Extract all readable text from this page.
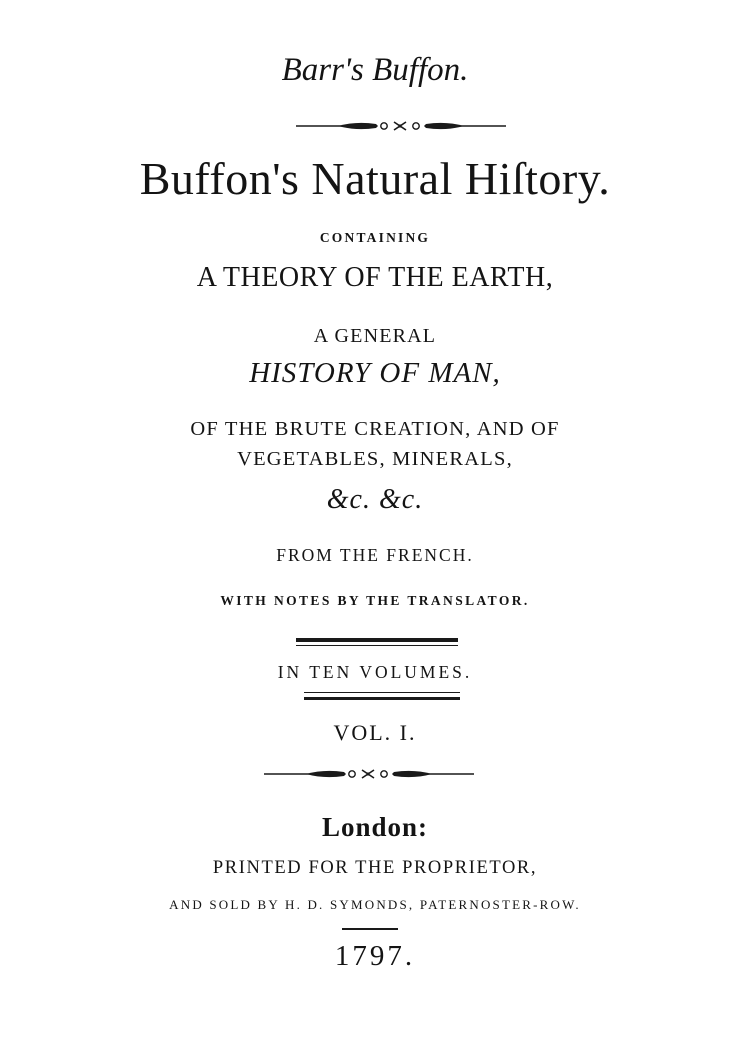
Barr's Buffon.
Buffon's Natural Hiſtory.
CONTAINING
A THEORY OF THE EARTH,
A GENERAL
HISTORY OF MAN,
OF THE BRUTE CREATION, AND OF
VEGETABLES, MINERALS,
&c. &c.
FROM THE FRENCH.
WITH NOTES BY THE TRANSLATOR.
IN TEN VOLUMES.
VOL. I.
London:
PRINTED FOR THE PROPRIETOR,
AND SOLD BY H. D. SYMONDS, PATERNOSTER-ROW.
1797.
